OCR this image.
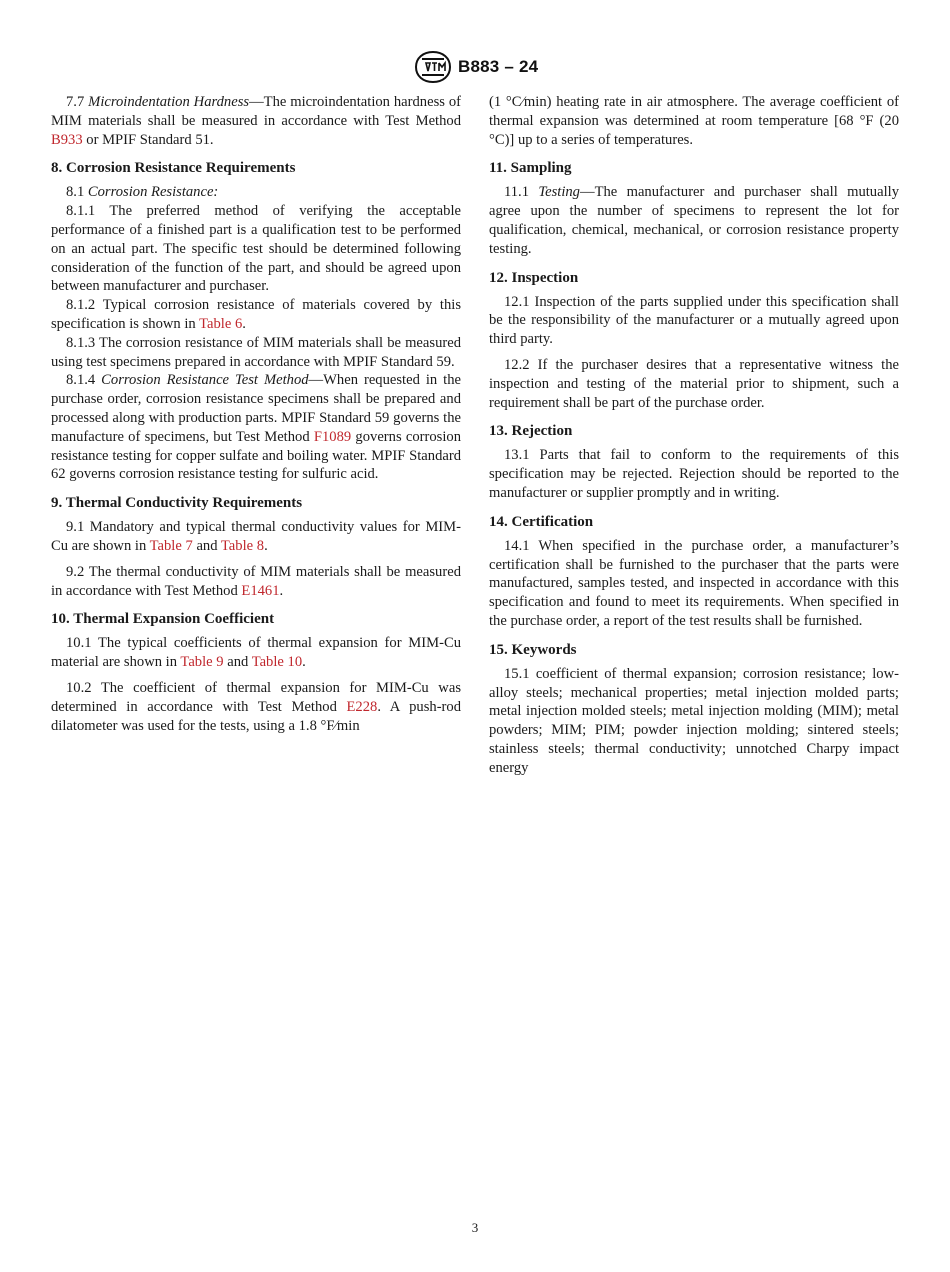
B883 – 24

7.7 Microindentation Hardness—The microindentation hardness of MIM materials shall be measured in accordance with Test Method B933 or MPIF Standard 51.

8. Corrosion Resistance Requirements

8.1 Corrosion Resistance:

8.1.1 The preferred method of verifying the acceptable performance of a finished part is a qualification test to be performed on an actual part. The specific test should be determined following consideration of the function of the part, and should be agreed upon between manufacturer and purchaser.

8.1.2 Typical corrosion resistance of materials covered by this specification is shown in Table 6.

8.1.3 The corrosion resistance of MIM materials shall be measured using test specimens prepared in accordance with MPIF Standard 59.

8.1.4 Corrosion Resistance Test Method—When requested in the purchase order, corrosion resistance specimens shall be prepared and processed along with production parts. MPIF Standard 59 governs the manufacture of specimens, but Test Method F1089 governs corrosion resistance testing for copper sulfate and boiling water. MPIF Standard 62 governs corrosion resistance testing for sulfuric acid.

9. Thermal Conductivity Requirements

9.1 Mandatory and typical thermal conductivity values for MIM-Cu are shown in Table 7 and Table 8.

9.2 The thermal conductivity of MIM materials shall be measured in accordance with Test Method E1461.

10. Thermal Expansion Coefficient

10.1 The typical coefficients of thermal expansion for MIM-Cu material are shown in Table 9 and Table 10.

10.2 The coefficient of thermal expansion for MIM-Cu was determined in accordance with Test Method E228. A push-rod dilatometer was used for the tests, using a 1.8 °F⁄min

(1 °C⁄min) heating rate in air atmosphere. The average coefficient of thermal expansion was determined at room temperature [68 °F (20 °C)] up to a series of temperatures.

11. Sampling

11.1 Testing—The manufacturer and purchaser shall mutually agree upon the number of specimens to represent the lot for qualification, chemical, mechanical, or corrosion resistance property testing.

12. Inspection

12.1 Inspection of the parts supplied under this specification shall be the responsibility of the manufacturer or a mutually agreed upon third party.

12.2 If the purchaser desires that a representative witness the inspection and testing of the material prior to shipment, such a requirement shall be part of the purchase order.

13. Rejection

13.1 Parts that fail to conform to the requirements of this specification may be rejected. Rejection should be reported to the manufacturer or supplier promptly and in writing.

14. Certification

14.1 When specified in the purchase order, a manufacturer’s certification shall be furnished to the purchaser that the parts were manufactured, samples tested, and inspected in accordance with this specification and found to meet its requirements. When specified in the purchase order, a report of the test results shall be furnished.

15. Keywords

15.1 coefficient of thermal expansion; corrosion resistance; low-alloy steels; mechanical properties; metal injection molded parts; metal injection molded steels; metal injection molding (MIM); metal powders; MIM; PIM; powder injection molding; sintered steels; stainless steels; thermal conductivity; unnotched Charpy impact energy

3
